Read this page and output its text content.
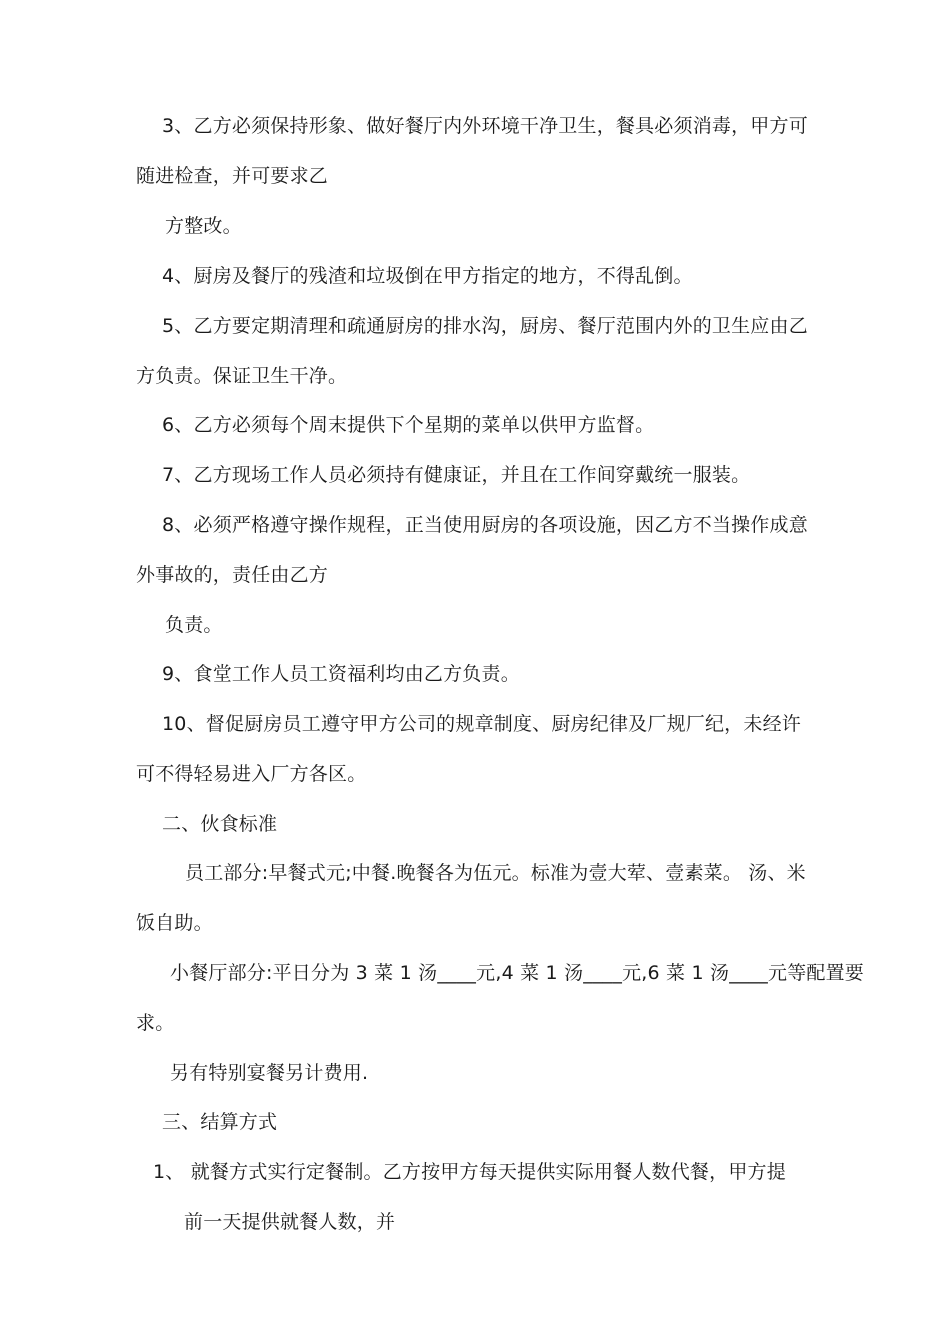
3、乙方必须保持形象、做好餐厅内外环境干净卫生，餐具必须消毒，甲方可
随进检查，并可要求乙
方整改。
4、厨房及餐厅的残渣和垃圾倒在甲方指定的地方，不得乱倒。
5、乙方要定期清理和疏通厨房的排水沟，厨房、餐厅范围内外的卫生应由乙
方负责。保证卫生干净。
6、乙方必须每个周末提供下个星期的菜单以供甲方监督。
7、乙方现场工作人员必须持有健康证，并且在工作间穿戴统一服装。
8、必须严格遵守操作规程，正当使用厨房的各项设施，因乙方不当操作成意
外事故的，责任由乙方
负责。
9、食堂工作人员工资福利均由乙方负责。
10、督促厨房员工遵守甲方公司的规章制度、厨房纪律及厂规厂纪，未经许
可不得轻易进入厂方各区。
二、伙食标准
员工部分:早餐式元;中餐.晚餐各为伍元。标准为壹大荤、壹素菜。 汤、米
饭自助。
小餐厅部分:平日分为 3 菜 1 汤____元,4 菜 1 汤____元,6 菜 1 汤____元等配置要
求。
另有特别宴餐另计费用.
三、结算方式
1、 就餐方式实行定餐制。乙方按甲方每天提供实际用餐人数代餐，甲方提
前一天提供就餐人数，并
